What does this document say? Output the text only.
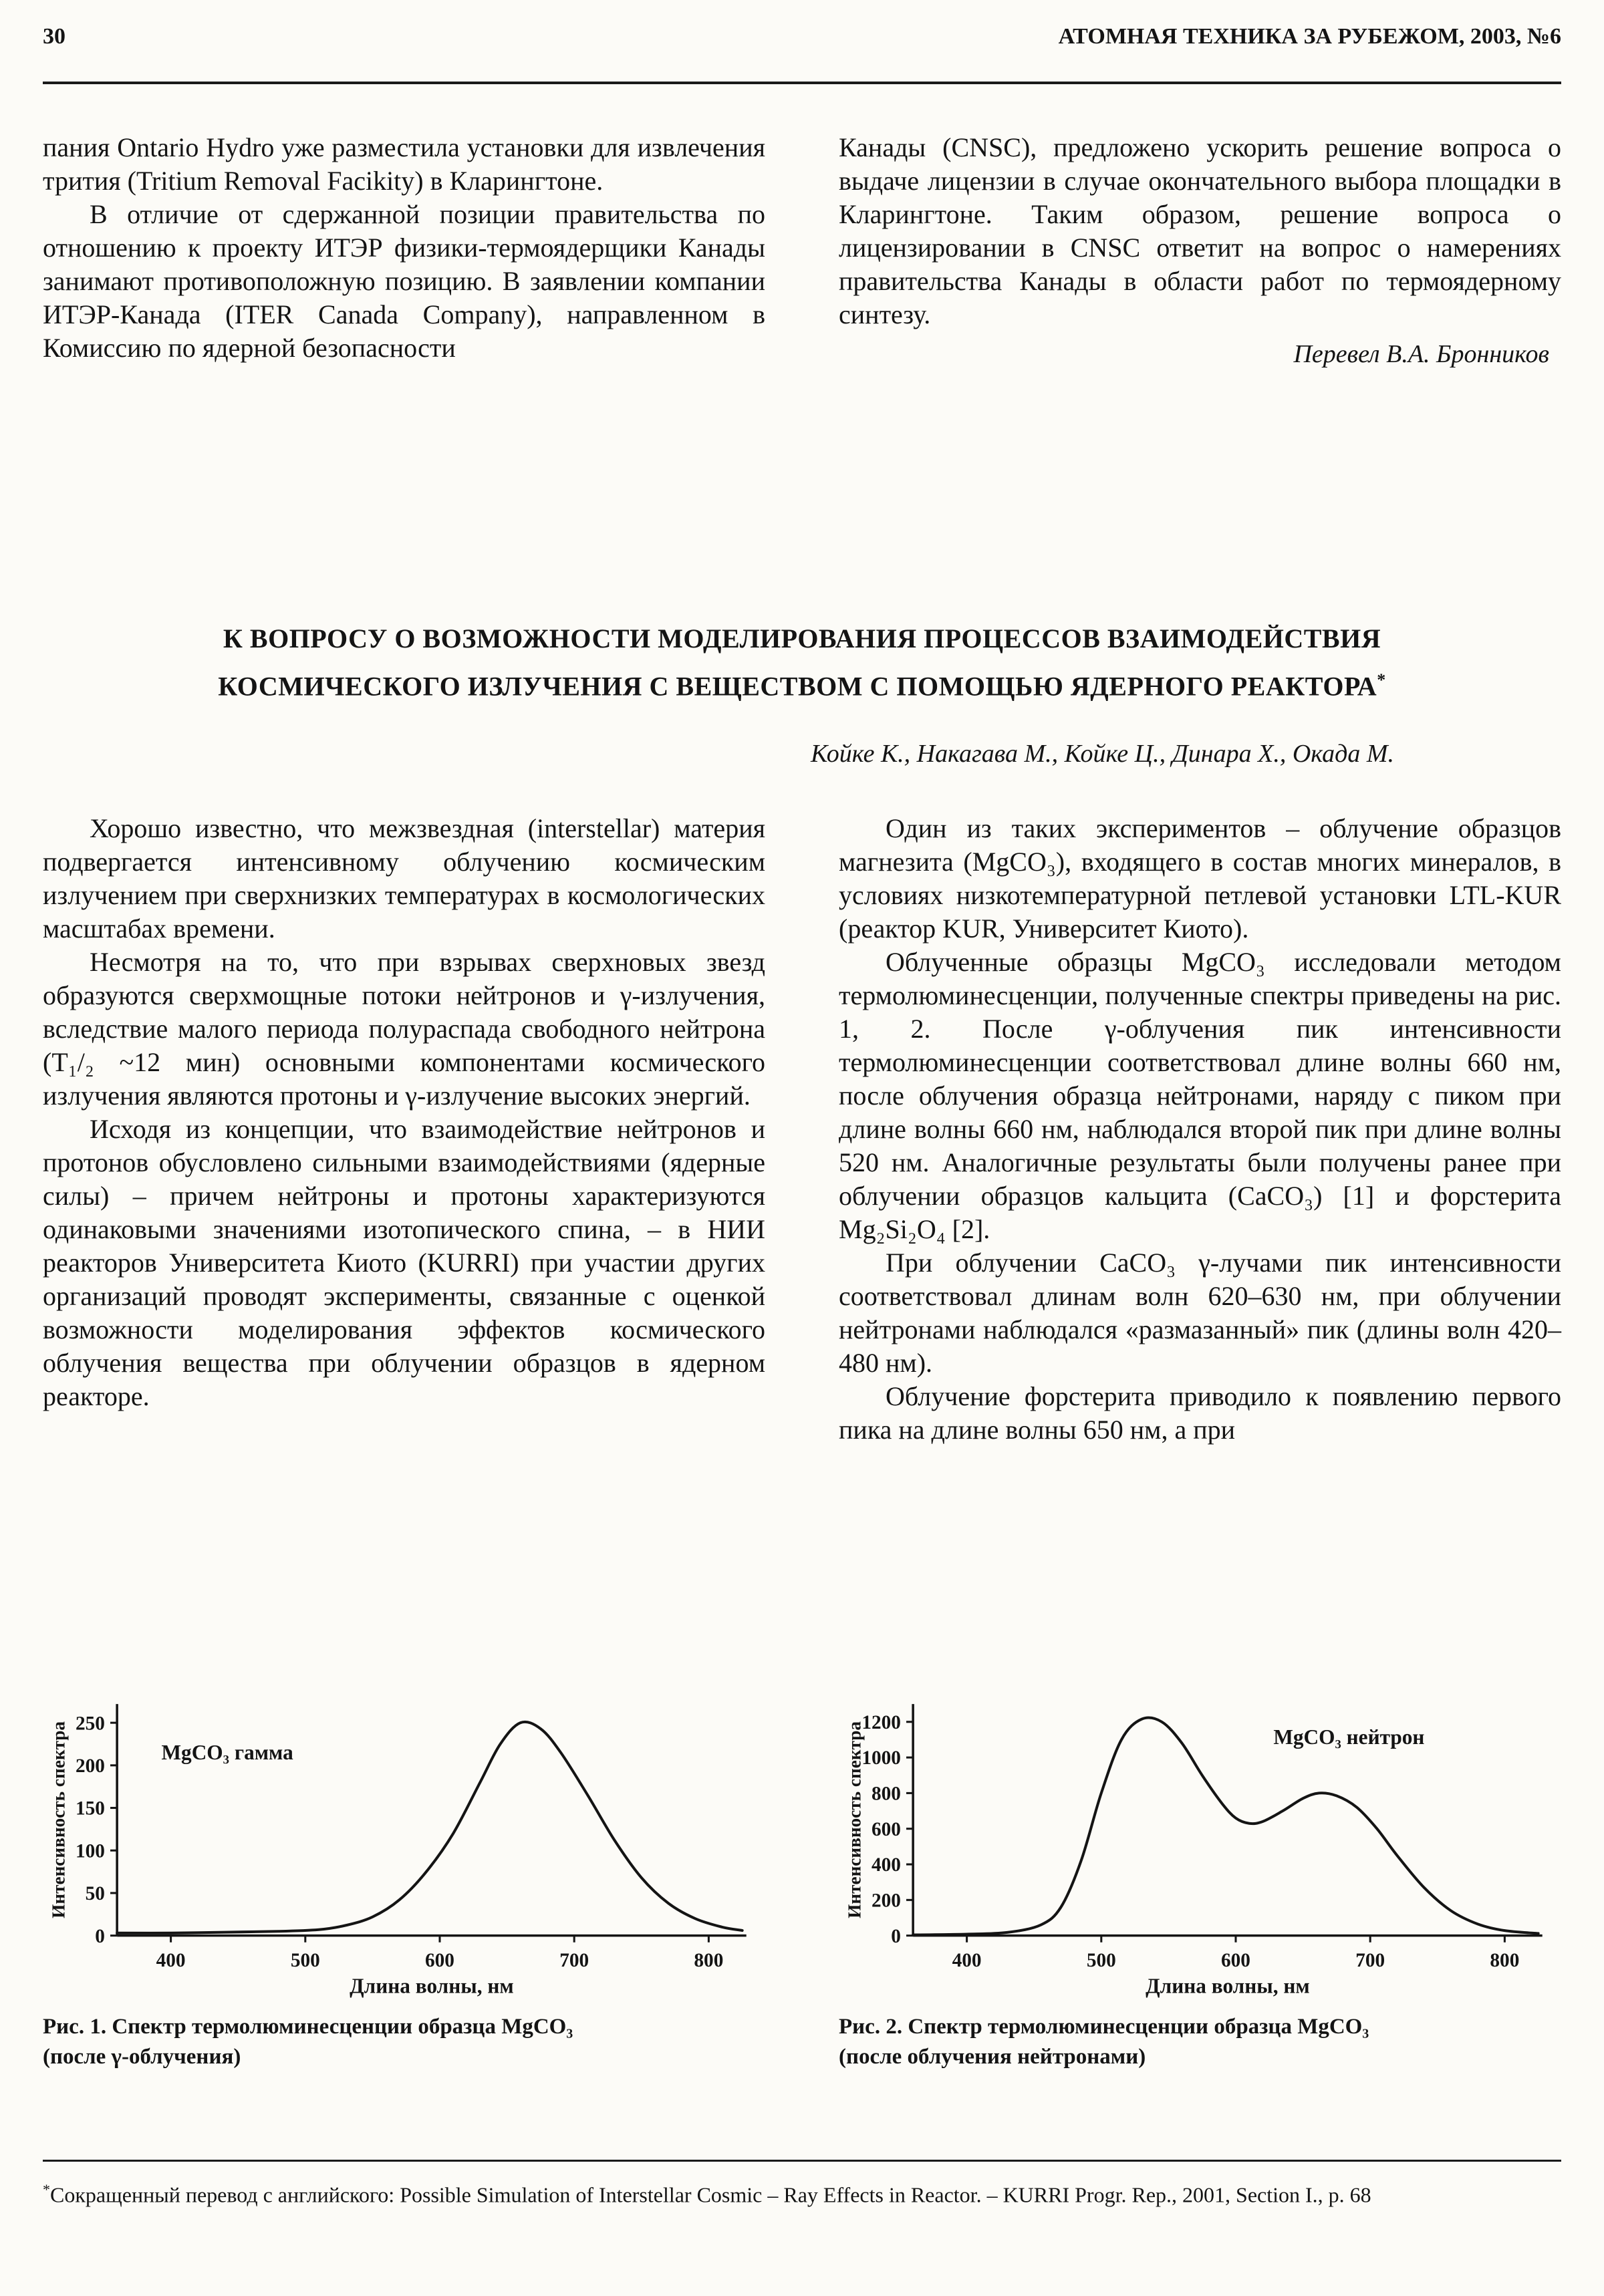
30	АТОМНАЯ ТЕХНИКА ЗА РУБЕЖОМ, 2003, №6

пания Ontario Hydro уже разместила установки для извлечения трития (Tritium Removal Facikity) в Кларингтоне.

В отличие от сдержанной позиции правительства по отношению к проекту ИТЭР физики-термоядерщики Канады занимают противоположную позицию. В заявлении компании ИТЭР-Канада (ITER Canada Company), направленном в Комиссию по ядерной безопасности

Канады (CNSC), предложено ускорить решение вопроса о выдаче лицензии в случае окончательного выбора площадки в Кларингтоне. Таким образом, решение вопроса о лицензировании в CNSC ответит на вопрос о намерениях правительства Канады в области работ по термоядерному синтезу.

Перевел В.А. Бронников

К ВОПРОСУ О ВОЗМОЖНОСТИ МОДЕЛИРОВАНИЯ ПРОЦЕССОВ ВЗАИМОДЕЙСТВИЯ
КОСМИЧЕСКОГО ИЗЛУЧЕНИЯ С ВЕЩЕСТВОМ С ПОМОЩЬЮ ЯДЕРНОГО РЕАКТОРА*

Койке К., Накагава М., Койке Ц., Динара Х., Окада М.

Хорошо известно, что межзвездная (interstellar) материя подвергается интенсивному облучению космическим излучением при сверхнизких температурах в космологических масштабах времени.

Несмотря на то, что при взрывах сверхновых звезд образуются сверхмощные потоки нейтронов и γ-излучения, вследствие малого периода полураспада свободного нейтрона (T₁/₂ ~12 мин) основными компонентами космического излучения являются протоны и γ-излучение высоких энергий.

Исходя из концепции, что взаимодействие нейтронов и протонов обусловлено сильными взаимодействиями (ядерные силы) – причем нейтроны и протоны характеризуются одинаковыми значениями изотопического спина, – в НИИ реакторов Университета Киото (KURRI) при участии других организаций проводят эксперименты, связанные с оценкой возможности моделирования эффектов космического облучения вещества при облучении образцов в ядерном реакторе.

Один из таких экспериментов – облучение образцов магнезита (MgCO₃), входящего в состав многих минералов, в условиях низкотемпературной петлевой установки LTL-KUR (реактор KUR, Университет Киото).

Облученные образцы MgCO₃ исследовали методом термолюминесценции, полученные спектры приведены на рис. 1, 2. После γ-облучения пик интенсивности термолюминесценции соответствовал длине волны 660 нм, после облучения образца нейтронами, наряду с пиком при длине волны 660 нм, наблюдался второй пик при длине волны 520 нм. Аналогичные результаты были получены ранее при облучении образцов кальцита (CaCO₃) [1] и форстерита Mg₂Si₂O₄ [2].

При облучении CaCO₃ γ-лучами пик интенсивности соответствовал длинам волн 620–630 нм, при облучении нейтронами наблюдался «размазанный» пик (длины волн 420–480 нм).

Облучение форстерита приводило к появлению первого пика на длине волны 650 нм, а при

400	500	600	700	800
0
50
100
150
200
250
Длина волны, нм
Интенсивность спектра	MgCO₃ гамма
Рис. 1. Спектр термолюминесценции образца MgCO₃
(после γ-облучения)
400	500	600	700	800
0
200
400
600
800
1000
1200
Длина волны, нм
Интенсивность спектра	MgCO₃ нейтрон
Рис. 2. Спектр термолюминесценции образца MgCO₃
(после облучения нейтронами)

*Сокращенный перевод с английского: Possible Simulation of Interstellar Cosmic – Ray Effects in Reactor. – KURRI Progr. Rep., 2001, Section I., p. 68
